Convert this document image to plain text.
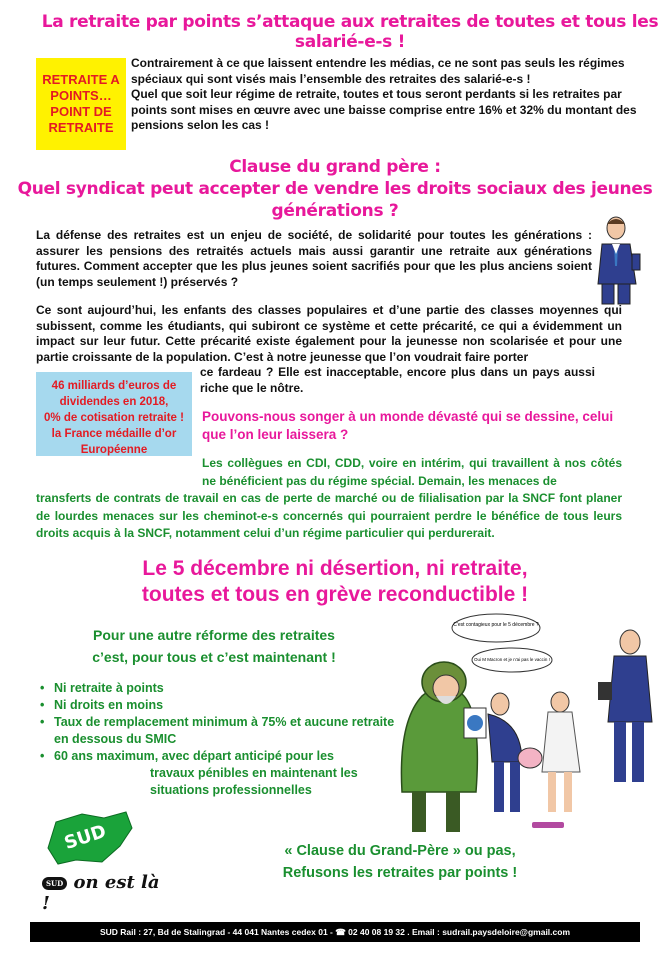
La retraite par points s’attaque aux retraites de toutes et tous les salarié-e-s !
RETRAITE A POINTS… POINT DE RETRAITE

Contrairement à ce que laissent entendre les médias, ce ne sont pas seuls les régimes spéciaux qui sont visés mais l’ensemble des retraites des salarié-e-s !

Quel que soit leur régime de retraite, toutes et tous seront perdants si les retraites par points sont mises en œuvre avec une baisse comprise entre 16% et 32% du montant des pensions selon les cas !

Clause du grand père :
Quel syndicat peut accepter de vendre les droits sociaux des jeunes générations ?

La défense des retraites est un enjeu de société, de solidarité pour toutes les générations : assurer les pensions des retraités actuels mais aussi garantir une retraite aux générations futures. Comment accepter que les plus jeunes soient sacrifiés pour que les plus anciens soient (un temps seulement !) préservés ?

Ce sont aujourd’hui, les enfants des classes populaires et d’une partie des classes moyennes qui subissent, comme les étudiants, qui subiront ce système et cette précarité, ce qui a évidemment un impact sur leur futur. Cette précarité existe également pour la jeunesse non scolarisée et pour une partie croissante de la population. C’est à notre jeunesse que l’on voudrait faire porter

ce fardeau ? Elle est inacceptable, encore plus dans un pays aussi riche que le nôtre.

46 milliards d’euros de
dividendes en 2018,
0% de cotisation retraite !
la France médaille d’or
Européenne
Pouvons-nous songer à un monde dévasté qui se dessine, celui que l’on leur laissera ?
Les collègues en CDI, CDD, voire en intérim, qui travaillent à nos côtés ne bénéficient pas du régime spécial. Demain, les menaces de
transferts de contrats de travail en cas de perte de marché ou de filialisation par la SNCF font planer de lourdes menaces sur les cheminot-e-s concernés qui pourraient perdre le bénéfice de tous leurs droits acquis à la SNCF, notamment celui d’un régime particulier qui perdurerait.
Le 5 décembre ni désertion, ni retraite,
toutes et tous en grève reconductible !
Pour une autre réforme des retraites
c’est, pour tous et c’est maintenant !
• Ni retraite à points
• Ni droits en moins
• Taux de remplacement minimum à 75% et aucune retraite en dessous du SMIC
• 60 ans maximum, avec départ anticipé pour les
travaux pénibles en maintenant les
situations professionnelles
C'est contagieux pour le 5 décembre ?
Oui M Macron et je n'ai pas le vaccin !
SUD
SUD on est là !
« Clause du Grand-Père » ou pas,
Refusons les retraites par points !
SUD Rail : 27, Bd de Stalingrad - 44 041 Nantes cedex 01 - ☎ 02 40 08 19 32 . Email : sudrail.paysdeloire@gmail.com
